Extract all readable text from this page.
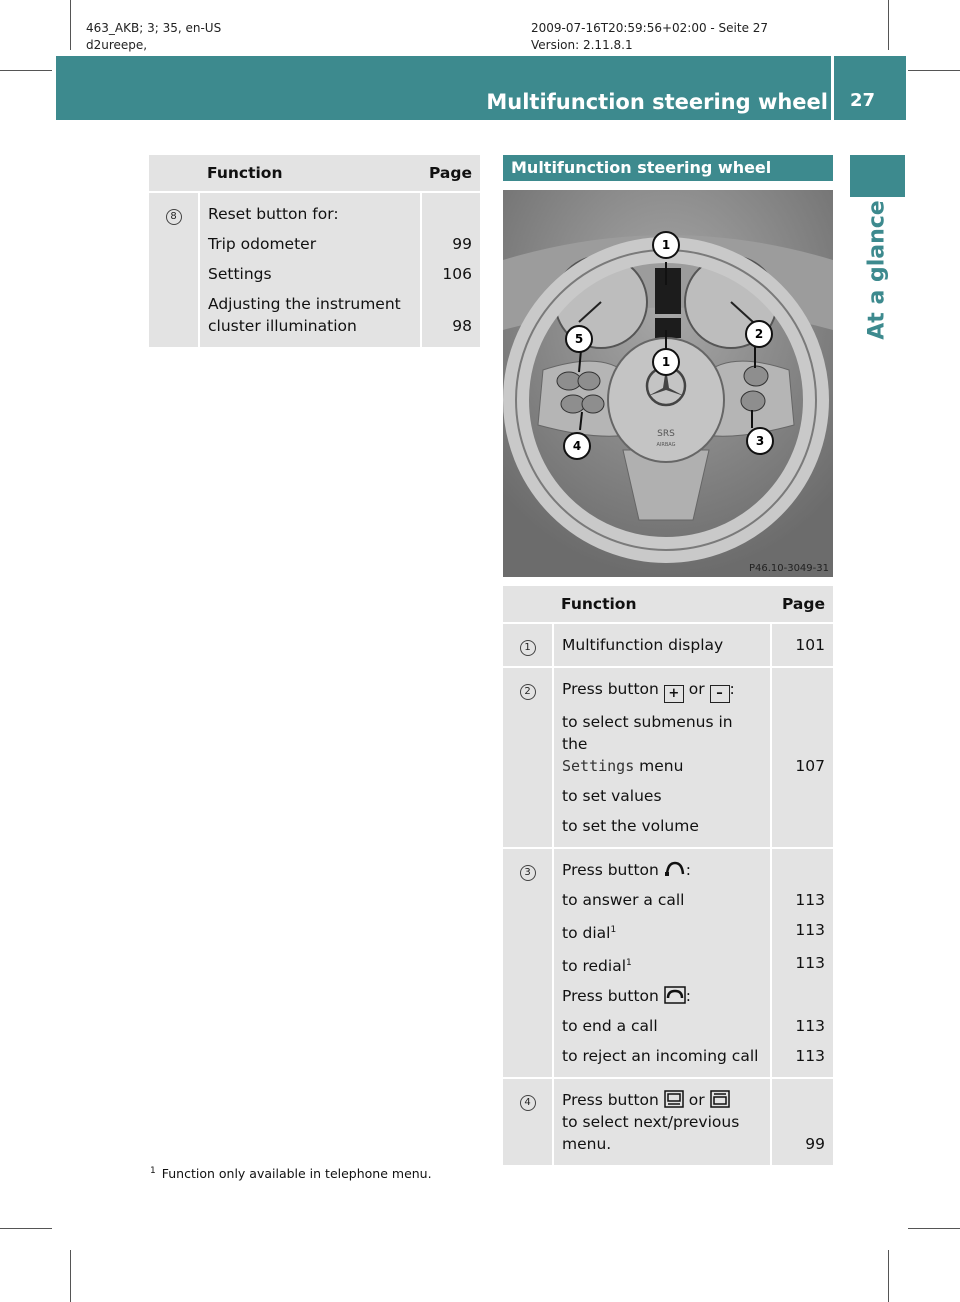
463_AKB; 3; 35, en-US
d2ureepe,
2009-07-16T20:59:56+02:00 - Seite 27
Version: 2.11.8.1
Multifunction steering wheel 27
At a glance
	Function	Page
8	Reset button for:	
	Trip odometer	99
	Settings	106
	Adjusting the instrument cluster illumination	98
Multifunction steering wheel
SRS
AIRBAG
1
1
2
3
4
5
P46.10-3049-31
	Function	Page
1	Multifunction display	101
2	Press button + or – :	
	to select submenus in the
Settings menu	107
	to set values	
	to set the volume	
3	Press button :	
	to answer a call	113
	to dial$^1$	113
	to redial$^1$	113
	Press button :	
	to end a call	113
	to reject an incoming call	113
4	Press button or
to select next/previous
menu.	99
$^1$ Function only available in telephone menu.
